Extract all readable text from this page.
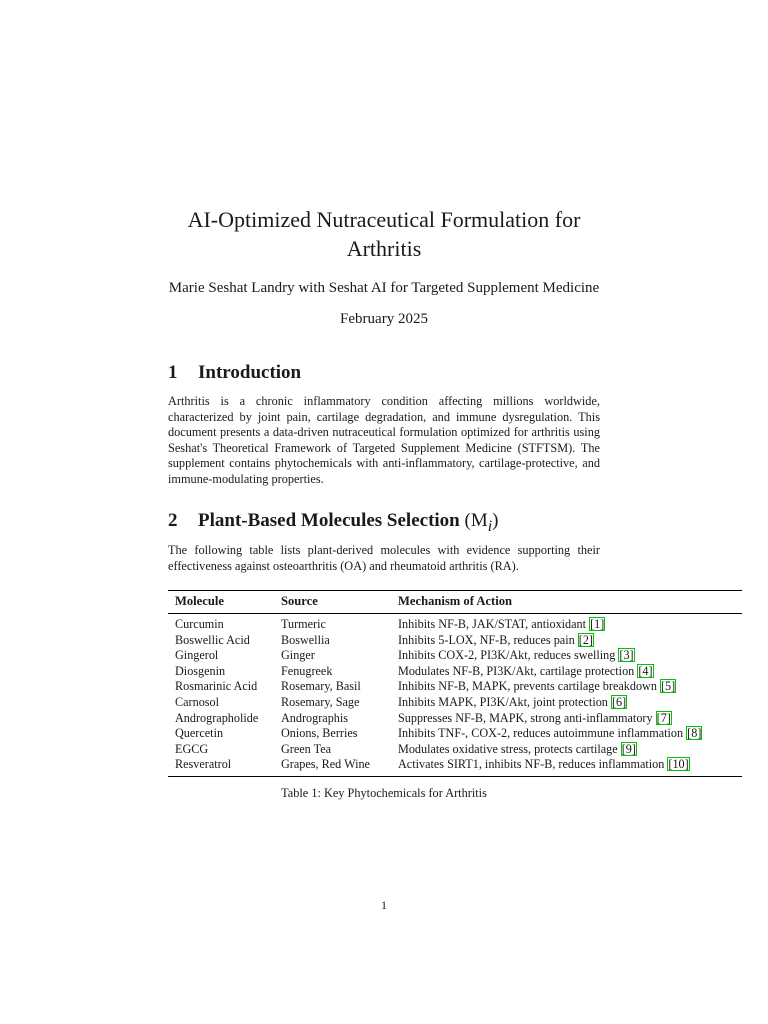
AI-Optimized Nutraceutical Formulation for
Arthritis
Marie Seshat Landry with Seshat AI for Targeted Supplement Medicine
February 2025
1 Introduction

Arthritis is a chronic inflammatory condition affecting millions worldwide, characterized by joint pain, cartilage degradation, and immune dysregulation. This document presents a data-driven nutraceutical formulation optimized for arthritis using Seshat's Theoretical Framework of Targeted Supplement Medicine (STFTSM). The supplement contains phytochemicals with anti-inflammatory, cartilage-protective, and immune-modulating properties.

2 Plant-Based Molecules Selection $(M_i)$

The following table lists plant-derived molecules with evidence supporting their effectiveness against osteoarthritis (OA) and rheumatoid arthritis (RA).

Molecule	Source	Mechanism of Action
Curcumin	Turmeric	Inhibits NF-B, JAK/STAT, antioxidant [1]
Boswellic Acid	Boswellia	Inhibits 5-LOX, NF-B, reduces pain [2]
Gingerol	Ginger	Inhibits COX-2, PI3K/Akt, reduces swelling [3]
Diosgenin	Fenugreek	Modulates NF-B, PI3K/Akt, cartilage protection [4]
Rosmarinic Acid	Rosemary, Basil	Inhibits NF-B, MAPK, prevents cartilage breakdown [5]
Carnosol	Rosemary, Sage	Inhibits MAPK, PI3K/Akt, joint protection [6]
Andrographolide	Andrographis	Suppresses NF-B, MAPK, strong anti-inflammatory [7]
Quercetin	Onions, Berries	Inhibits TNF-, COX-2, reduces autoimmune inflammation [8]
EGCG	Green Tea	Modulates oxidative stress, protects cartilage [9]
Resveratrol	Grapes, Red Wine	Activates SIRT1, inhibits NF-B, reduces inflammation [10]
Table 1: Key Phytochemicals for Arthritis
1
